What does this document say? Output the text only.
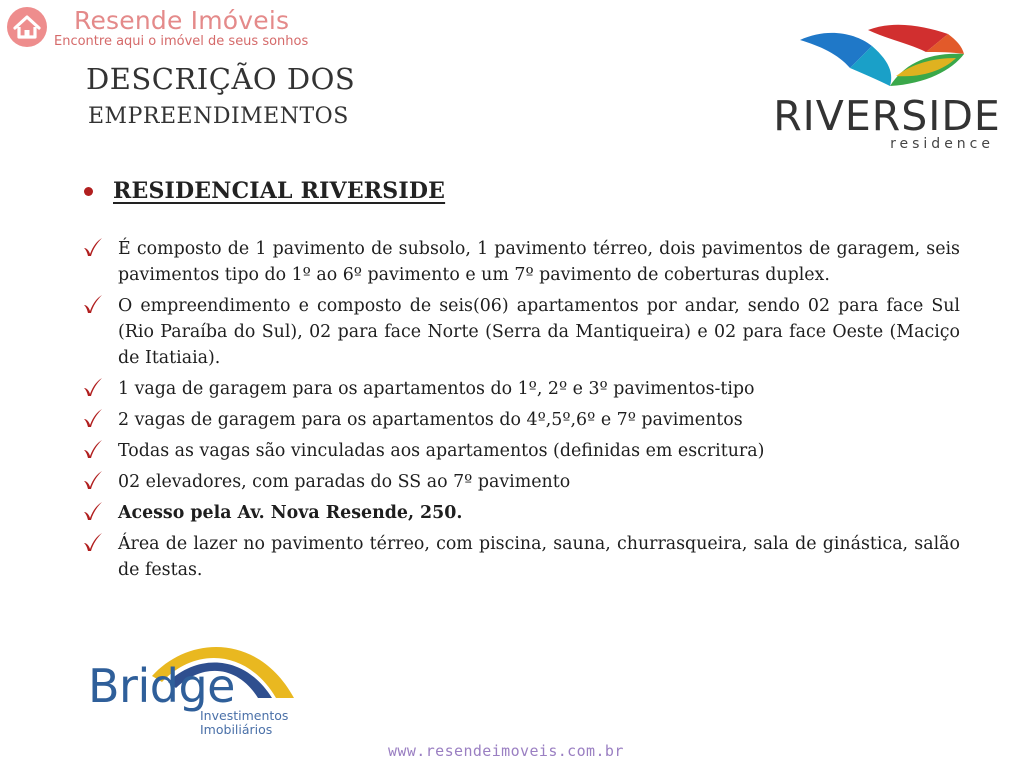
Resende Imóveis
Encontre aqui o imóvel de seus sonhos
DESCRIÇÃO DOS
EMPREENDIMENTOS	RIVERSIDE
residence
RESIDENCIAL RIVERSIDE
É composto de 1 pavimento de subsolo, 1 pavimento térreo, dois pavimentos de garagem, seis pavimentos tipo do 1º ao 6º pavimento e um 7º pavimento de coberturas duplex.
O empreendimento e composto de seis(06) apartamentos por andar, sendo 02 para face Sul (Rio Paraíba do Sul), 02 para face Norte (Serra da Mantiqueira) e 02 para face Oeste (Maciço de Itatiaia).
1 vaga de garagem para os apartamentos do 1º, 2º e 3º pavimentos-tipo
2 vagas de garagem para os apartamentos do 4º,5º,6º e 7º pavimentos
Todas as vagas são vinculadas aos apartamentos (definidas em escritura)
02 elevadores, com paradas do SS ao 7º pavimento
Acesso pela Av. Nova Resende, 250.
Área de lazer no pavimento térreo, com piscina, sauna, churrasqueira, sala de ginástica, salão de festas.
Bridge
Investimentos
Imobiliários
www.resendeimoveis.com.br
